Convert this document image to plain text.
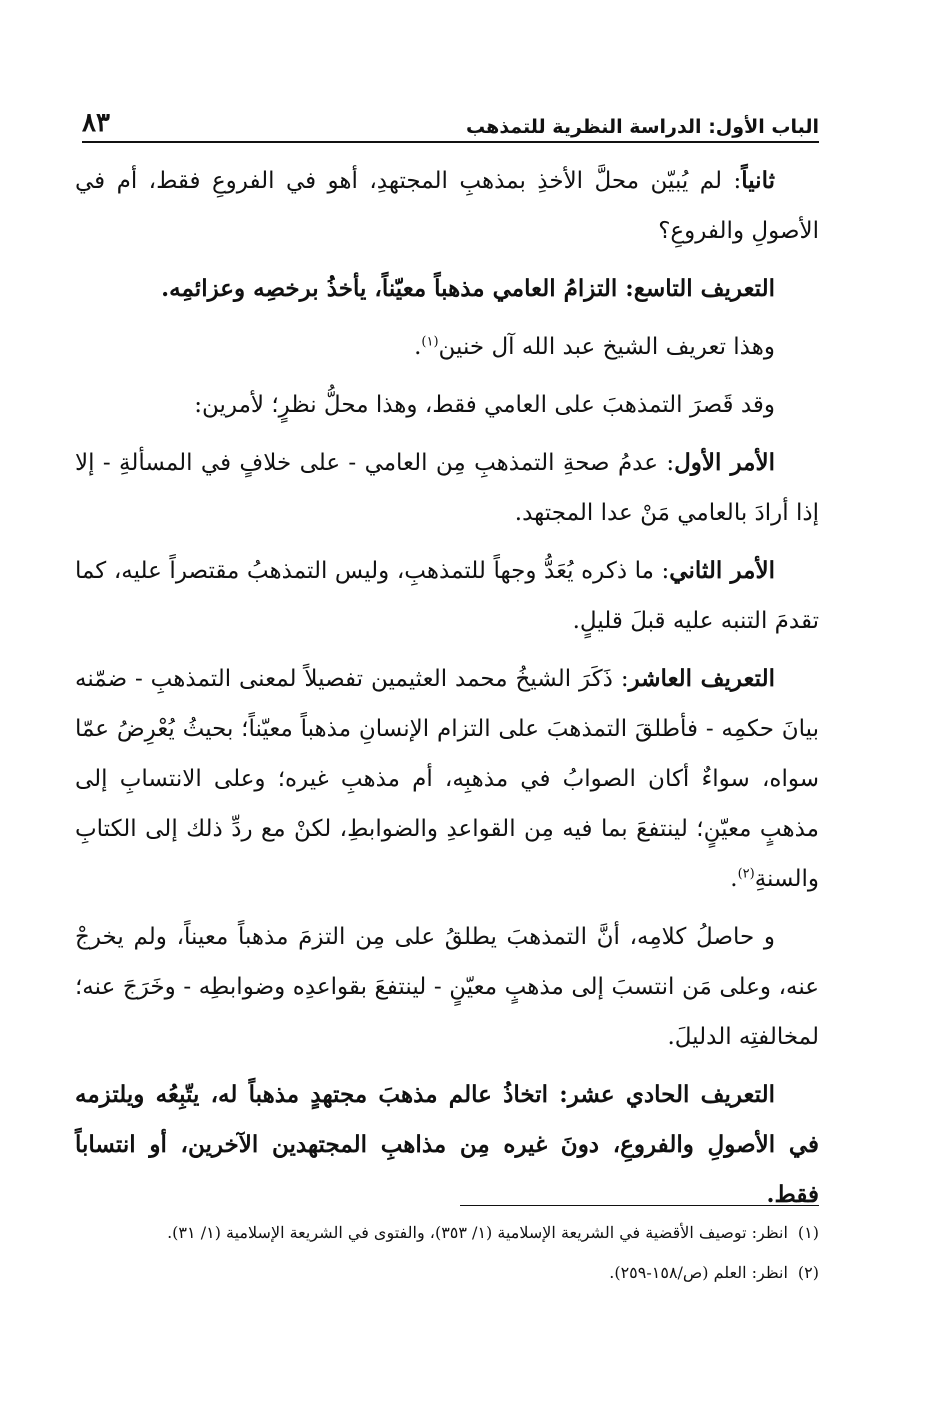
الباب الأول: الدراسة النظرية للتمذهب
٨٣

ثانياً: لم يُبيّن محلَّ الأخذِ بمذهبِ المجتهدِ، أهو في الفروعِ فقط، أم في الأصولِ والفروعِ؟

التعريف التاسع: التزامُ العامي مذهباً معيّناً، يأخذُ برخصِه وعزائمِه.

وهذا تعريف الشيخ عبد الله آل خنين$^{(١)}$.

وقد قَصرَ التمذهبَ على العامي فقط، وهذا محلُّ نظرٍ؛ لأمرين:

الأمر الأول: عدمُ صحةِ التمذهبِ مِن العامي - على خلافٍ في المسألةِ - إلا إذا أرادَ بالعامي مَنْ عدا المجتهد.

الأمر الثاني: ما ذكره يُعَدُّ وجهاً للتمذهبِ، وليس التمذهبُ مقتصراً عليه، كما تقدمَ التنبه عليه قبلَ قليلٍ.

التعريف العاشر: ذَكَرَ الشيخُ محمد العثيمين تفصيلاً لمعنى التمذهبِ - ضمّنه بيانَ حكمِه - فأطلقَ التمذهبَ على التزام الإنسانِ مذهباً معيّناً؛ بحيثُ يُعْرِضُ عمّا سواه، سواءٌ أكان الصوابُ في مذهبِه، أم مذهبِ غيره؛ وعلى الانتسابِ إلى مذهبٍ معيّنٍ؛ لينتفعَ بما فيه مِن القواعدِ والضوابطِ، لكنْ مع ردِّ ذلك إلى الكتابِ والسنةِ$^{(٢)}$.

و حاصلُ كلامِه، أنَّ التمذهبَ يطلقُ على مِن التزمَ مذهباً معيناً، ولم يخرجْ عنه، وعلى مَن انتسبَ إلى مذهبٍ معيّنٍ - لينتفعَ بقواعدِه وضوابطِه - وخَرَجَ عنه؛ لمخالفتِه الدليلَ.

التعريف الحادي عشر: اتخاذُ عالم مذهبَ مجتهدٍ مذهباً له، يتّبِعُه ويلتزمه في الأصولِ والفروعِ، دونَ غيره مِن مذاهبِ المجتهدين الآخرين، أو انتساباً فقط.

(١)
انظر: توصيف الأقضية في الشريعة الإسلامية (١/ ٣٥٣)، والفتوى في الشريعة الإسلامية (١/ ٣١).
(٢)
انظر: العلم (ص/١٥٨-٢٥٩).
